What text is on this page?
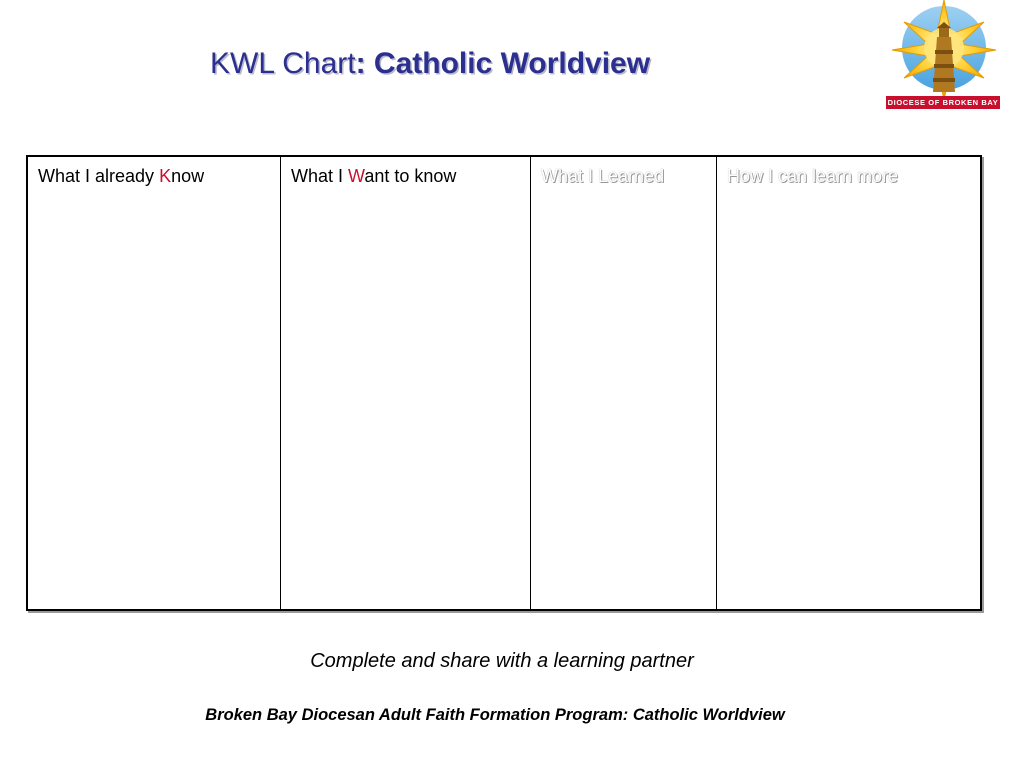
KWL Chart: Catholic Worldview
DIOCESE OF BROKEN BAY
What I already Know	What I Want to know	What I Learned	How I can learn more
Complete and share with a learning partner
Broken Bay Diocesan Adult Faith Formation Program: Catholic Worldview
